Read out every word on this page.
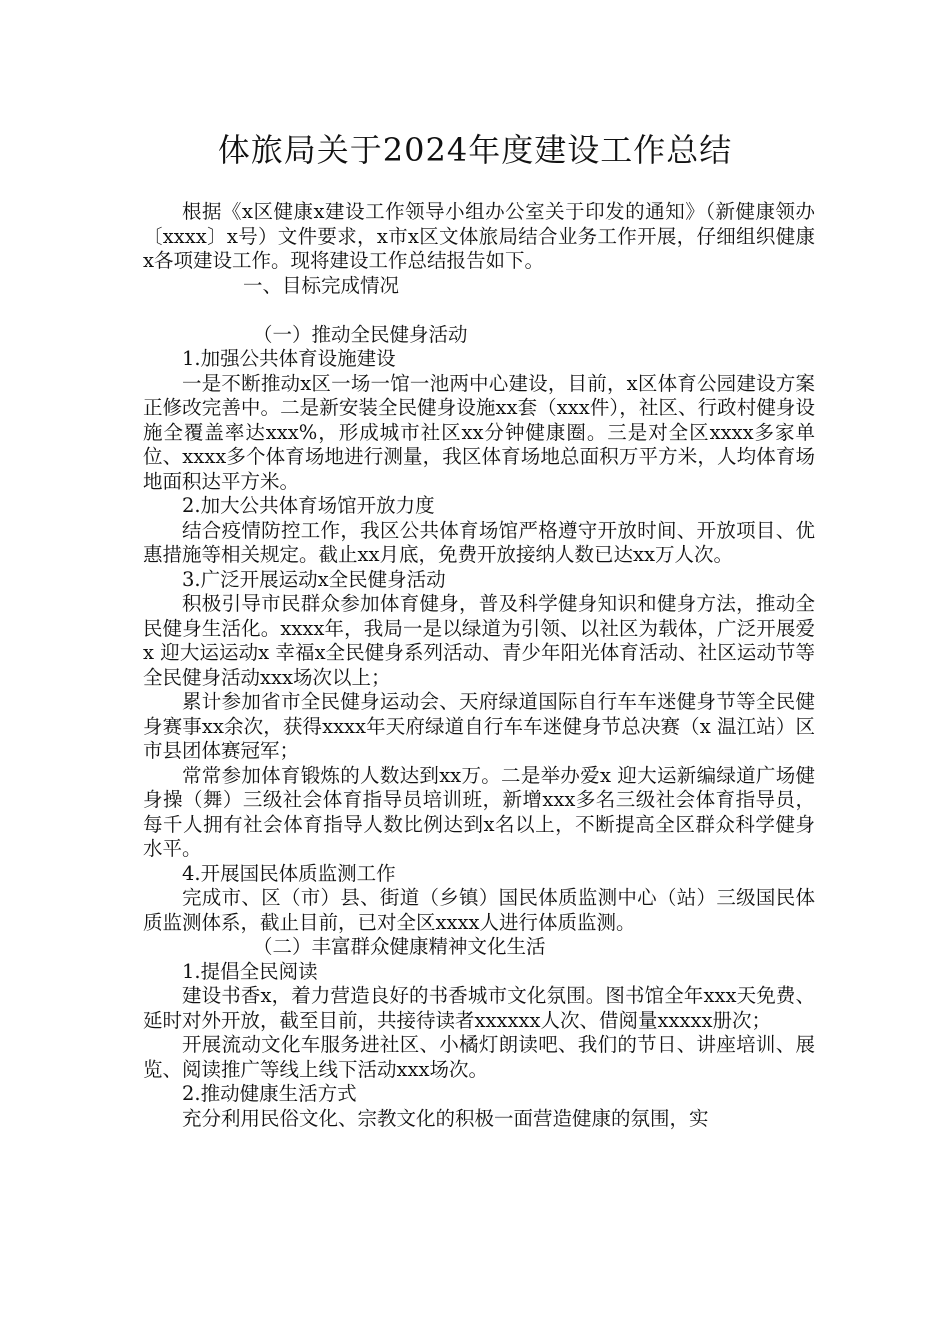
体旅局关于2024年度建设工作总结

根据《x区健康x建设工作领导小组办公室关于印发的通知》（新健康领办〔xxxx〕x号）文件要求，x市x区文体旅局结合业务工作开展，仔细组织健康x各项建设工作。现将建设工作总结报告如下。

一、目标完成情况

（一）推动全民健身活动

1.加强公共体育设施建设

一是不断推动x区一场一馆一池两中心建设，目前，x区体育公园建设方案正修改完善中。二是新安装全民健身设施xx套（xxx件），社区、行政村健身设施全覆盖率达xxx%，形成城市社区xx分钟健康圈。三是对全区xxxx多家单位、xxxx多个体育场地进行测量，我区体育场地总面积万平方米，人均体育场地面积达平方米。

2.加大公共体育场馆开放力度

结合疫情防控工作，我区公共体育场馆严格遵守开放时间、开放项目、优惠措施等相关规定。截止xx月底，免费开放接纳人数已达xx万人次。

3.广泛开展运动x全民健身活动

积极引导市民群众参加体育健身，普及科学健身知识和健身方法，推动全民健身生活化。xxxx年，我局一是以绿道为引领、以社区为载体，广泛开展爱x 迎大运运动x 幸福x全民健身系列活动、青少年阳光体育活动、社区运动节等全民健身活动xxx场次以上；

累计参加省市全民健身运动会、天府绿道国际自行车车迷健身节等全民健身赛事xx余次，获得xxxx年天府绿道自行车车迷健身节总决赛（x 温江站）区市县团体赛冠军；

常常参加体育锻炼的人数达到xx万。二是举办爱x 迎大运新编绿道广场健身操（舞）三级社会体育指导员培训班，新增xxx多名三级社会体育指导员，每千人拥有社会体育指导人数比例达到x名以上，不断提高全区群众科学健身水平。

4.开展国民体质监测工作

完成市、区（市）县、街道（乡镇）国民体质监测中心（站）三级国民体质监测体系，截止目前，已对全区xxxx人进行体质监测。

（二）丰富群众健康精神文化生活

1.提倡全民阅读

建设书香x，着力营造良好的书香城市文化氛围。图书馆全年xxx天免费、延时对外开放，截至目前，共接待读者xxxxxx人次、借阅量xxxxx册次；

开展流动文化车服务进社区、小橘灯朗读吧、我们的节日、讲座培训、展览、阅读推广等线上线下活动xxx场次。

2.推动健康生活方式

充分利用民俗文化、宗教文化的积极一面营造健康的氛围，实
